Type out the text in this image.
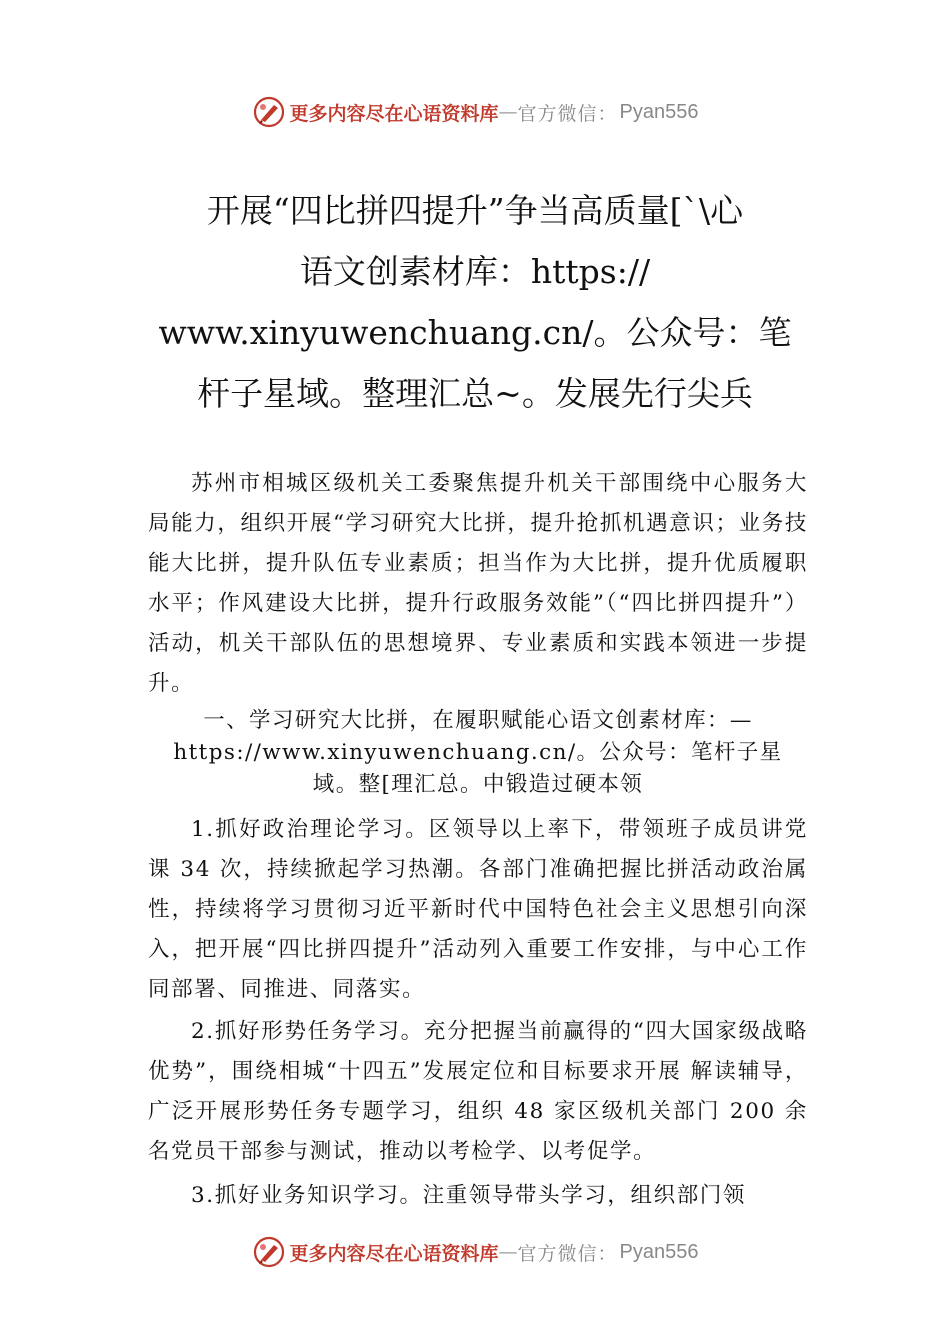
更多内容尽在心语资料库 — 官方微信： Pyan556
开展“四比拼四提升”争当高质量[`\心
语文创素材库：https://
www.xinyuwenchuang.cn/。公众号：笔
杆子星域。整理汇总~。发展先行尖兵

苏州市相城区级机关工委聚焦提升机关干部围绕中心服务大局能力，组织开展“学习研究大比拼，提升抢抓机遇意识；业务技能大比拼，提升队伍专业素质；担当作为大比拼，提升优质履职水平；作风建设大比拼，提升行政服务效能”（“四比拼四提升”）活动，机关干部队伍的思想境界、专业素质和实践本领进一步提升。

一、学习研究大比拼，在履职赋能心语文创素材库：—
https://www.xinyuwenchuang.cn/。公众号：笔杆子星
域。整[理汇总。中锻造过硬本领

1.抓好政治理论学习。区领导以上率下，带领班子成员讲党课 34 次，持续掀起学习热潮。各部门准确把握比拼活动政治属性，持续将学习贯彻习近平新时代中国特色社会主义思想引向深入，把开展“四比拼四提升”活动列入重要工作安排，与中心工作同部署、同推进、同落实。

2.抓好形势任务学习。充分把握当前赢得的“四大国家级战略优势”，围绕相城“十四五”发展定位和目标要求开展 解读辅导，广泛开展形势任务专题学习，组织 48 家区级机关部门 200 余名党员干部参与测试，推动以考检学、以考促学。

3.抓好业务知识学习。注重领导带头学习，组织部门领

更多内容尽在心语资料库 — 官方微信： Pyan556
